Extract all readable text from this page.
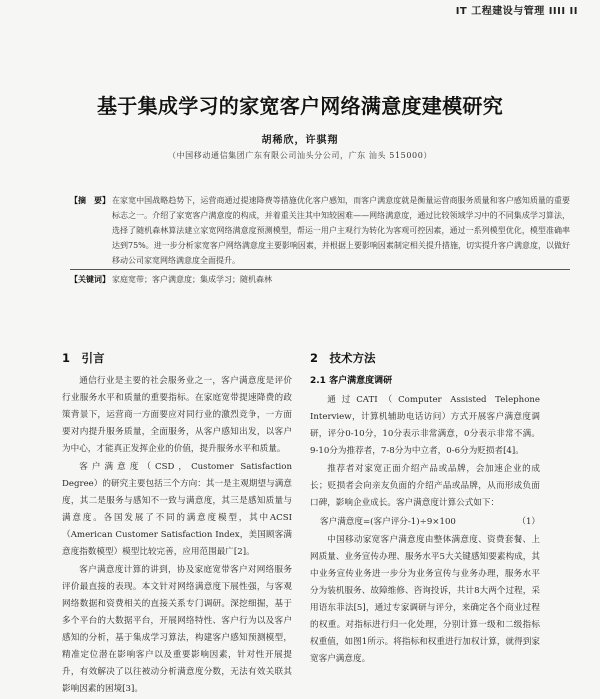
IT 工程建设与管理 IIII II
基于集成学习的家宽客户网络满意度建模研究
胡稀欣，许骐翔
（中国移动通信集团广东有限公司汕头分公司，广东 汕头 515000）
【摘　要】 在家宽中国战略趋势下，运营商通过提速降费等措施优化客户感知，而客户满意度就是衡量运营商服务质量和客户感知质量的重要标志之一。介绍了家宽客户满意度的构成，并着重关注其中知较困难——网络满意度，通过比较领域学习中的不同集成学习算法，选择了随机森林算法建立家宽网络满意度预测模型，帮运一用户主观行为转化为客观可控因素，通过一系列模型优化，模型准确率达到75%。进一步分析家宽客户网络满意度主要影响因素，并根据上要影响因素制定相关提升措施，切实提升客户满意度，以做好移动公司家宽网络满意度全面提升。
【关键词】 家庭宽带；客户满意度；集成学习；随机森林
1　引言

通信行业是主要的社会服务业之一，客户满意度是评价行业服务水平和质量的重要指标。在家庭宽带提速降费的政策背景下，运营商一方面要应对同行业的激烈竞争，一方面要对内提升服务质量，全面服务，从客户感知出发，以客户为中心，才能真正发挥企业的价值，提升服务水平和质量。

客户满意度（CSD，Customer Satisfaction Degree）的研究主要包括三个方向：其一是主观期望与满意度，其二是服务与感知不一致与满意度，其三是感知质量与满意度。各国发展了不同的满意度模型，其中ACSI（American Customer Satisfaction Index，美国顾客满意度指数模型）模型比较完善，应用范围最广[2]。

客户满意度计算的讲到，协及家庭宽带客户对网络服务评价最直接的表现。本文针对网络满意度下展性强，与客观网络数据和资费相关的直接关系专门调研。深挖细掘，基于多个平台的大数据平台，开展网络特性、客户行为以及客户感知的分析，基于集成学习算法，构建客户感知预测模型，精准定位潜在影响客户以及重要影响因素，针对性开展提升，有效解决了以往被动分析满意度分数，无法有效关联其影响因素的困境[3]。

2　技术方法
2.1 客户满意度调研

通过CATI（Computer Assisted Telephone Interview，计算机辅助电话访问）方式开展客户满意度调研，评分0-10分，10分表示非常满意，0分表示非常不满。9-10分为推荐者，7-8分为中立者，0-6分为贬损者[4]。

推荐者对家宽正面介绍产品或品牌，会加速企业的成长；贬损者会向亲友负面的介绍产品或品牌，从而形成负面口碑，影响企业成长。客户满意度计算公式如下：

客户满意度=(客户评分-1)÷9×100	（1）

中国移动家宽客户满意度由整体满意度、资费套餐、上网质量、业务宣传办理、服务水平5大关键感知要素构成，其中业务宣传业务进一步分为业务宣传与业务办理，服务水平分为装机服务、故障维修、咨询投诉，共计8大两个过程，采用语东菲法[5]，通过专家调研与评分，来确定各个商业过程的权重。对指标进行归一化处理，分别计算一级和二级指标权重值，如图1所示。将指标和权重进行加权计算，就得到家宽客户满意度。
